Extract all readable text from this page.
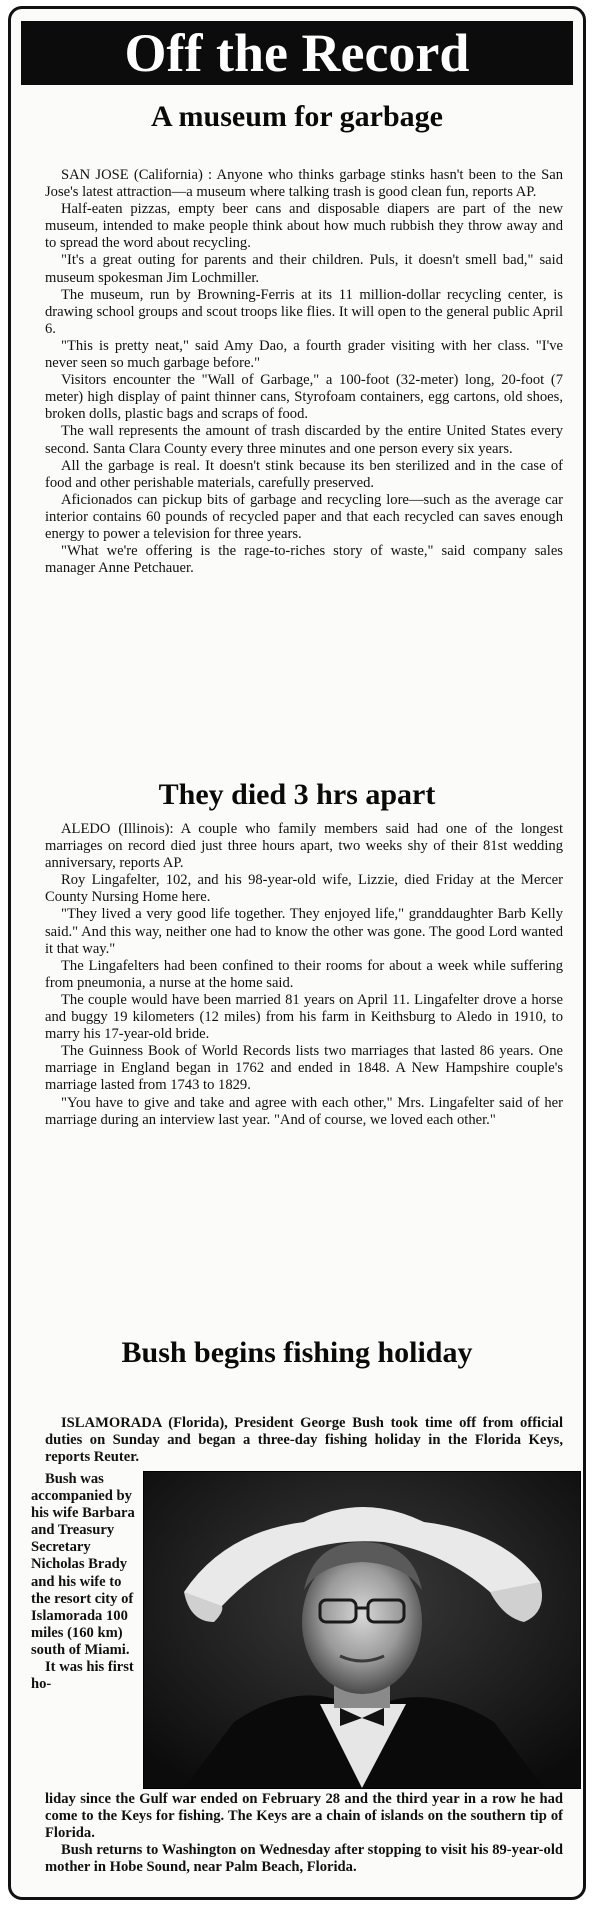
Off the Record
A museum for garbage

SAN JOSE (California) : Anyone who thinks garbage stinks hasn't been to the San Jose's latest attraction—a museum where talking trash is good clean fun, reports AP.

Half-eaten pizzas, empty beer cans and disposable diapers are part of the new museum, intended to make people think about how much rubbish they throw away and to spread the word about recycling.

"It's a great outing for parents and their children. Puls, it doesn't smell bad," said museum spokesman Jim Lochmiller.

The museum, run by Browning-Ferris at its 11 million-dollar recycling center, is drawing school groups and scout troops like flies. It will open to the general public April 6.

"This is pretty neat," said Amy Dao, a fourth grader visiting with her class. "I've never seen so much garbage before."

Visitors encounter the "Wall of Garbage," a 100-foot (32-meter) long, 20-foot (7 meter) high display of paint thinner cans, Styrofoam containers, egg cartons, old shoes, broken dolls, plastic bags and scraps of food.

The wall represents the amount of trash discarded by the entire United States every second. Santa Clara County every three minutes and one person every six years.

All the garbage is real. It doesn't stink because its ben sterilized and in the case of food and other perishable materials, carefully preserved.

Aficionados can pickup bits of garbage and recycling lore—such as the average car interior contains 60 pounds of recycled paper and that each recycled can saves enough energy to power a television for three years.

"What we're offering is the rage-to-riches story of waste," said company sales manager Anne Petchauer.

They died 3 hrs apart

ALEDO (Illinois): A couple who family members said had one of the longest marriages on record died just three hours apart, two weeks shy of their 81st wedding anniversary, reports AP.

Roy Lingafelter, 102, and his 98-year-old wife, Lizzie, died Friday at the Mercer County Nursing Home here.

"They lived a very good life together. They enjoyed life," granddaughter Barb Kelly said." And this way, neither one had to know the other was gone. The good Lord wanted it that way."

The Lingafelters had been confined to their rooms for about a week while suffering from pneumonia, a nurse at the home said.

The couple would have been married 81 years on April 11. Lingafelter drove a horse and buggy 19 kilometers (12 miles) from his farm in Keithsburg to Aledo in 1910, to marry his 17-year-old bride.

The Guinness Book of World Records lists two marriages that lasted 86 years. One marriage in England began in 1762 and ended in 1848. A New Hampshire couple's marriage lasted from 1743 to 1829.

"You have to give and take and agree with each other," Mrs. Lingafelter said of her marriage during an interview last year. "And of course, we loved each other."

Bush begins fishing holiday

ISLAMORADA (Florida), President George Bush took time off from official duties on Sunday and began a three-day fishing holiday in the Florida Keys, reports Reuter.

Bush was accompanied by his wife Barbara and Treasury Secretary Nicholas Brady and his wife to the resort city of Islamorada 100 miles (160 km) south of Miami.

It was his first ho-

liday since the Gulf war ended on February 28 and the third year in a row he had come to the Keys for fishing. The Keys are a chain of islands on the southern tip of Florida.

Bush returns to Washington on Wednesday after stopping to visit his 89-year-old mother in Hobe Sound, near Palm Beach, Florida.
